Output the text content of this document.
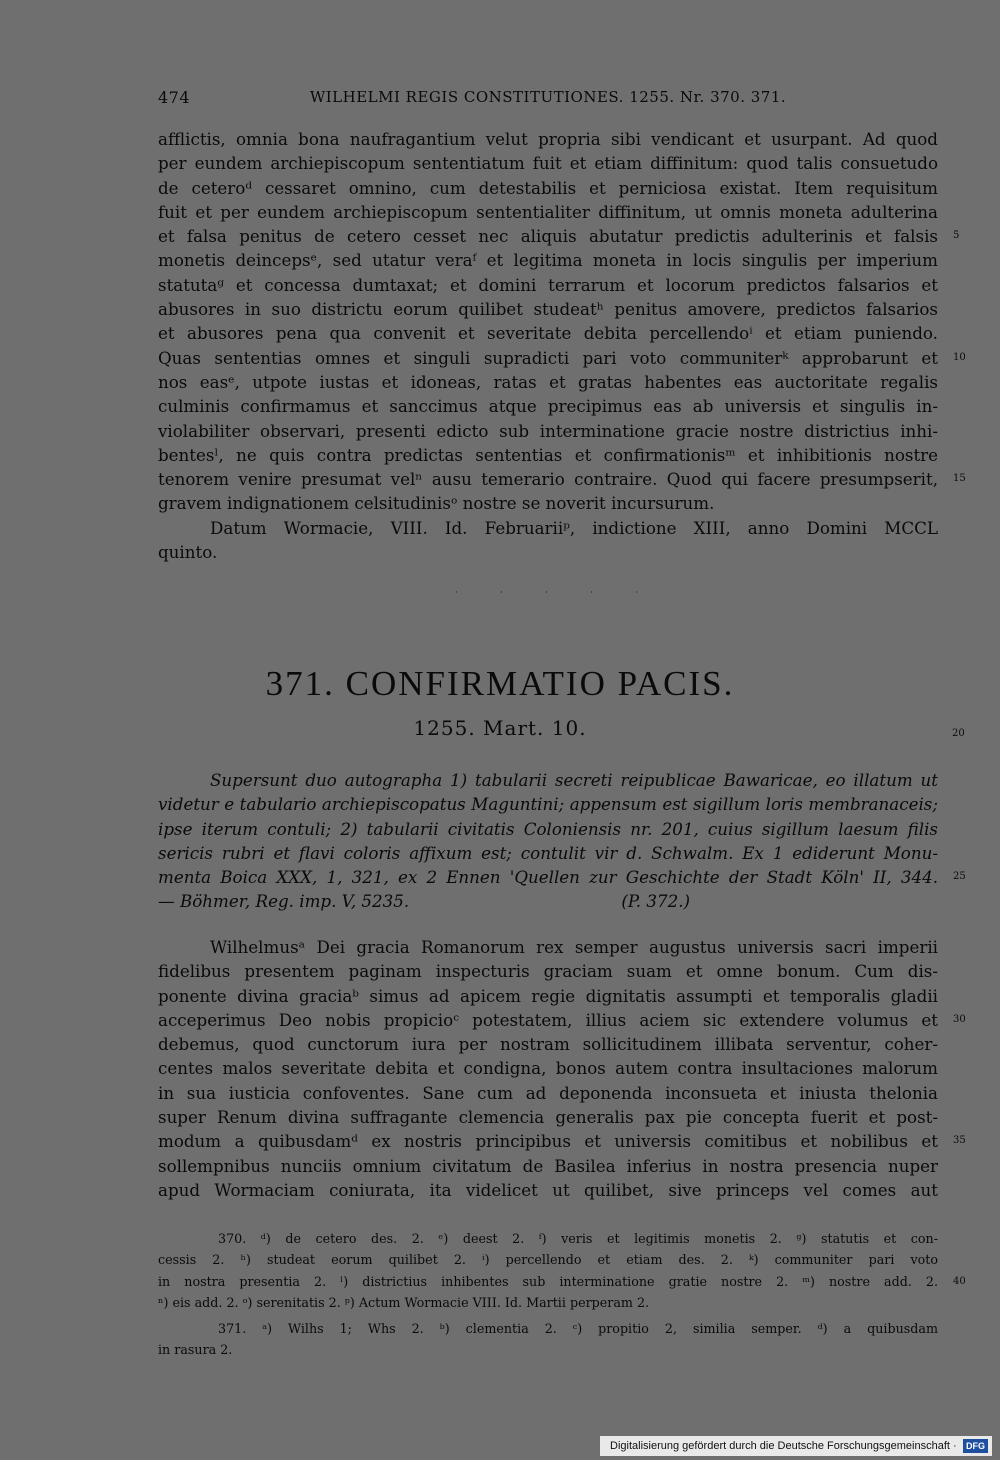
474	WILHELMI REGIS CONSTITUTIONES. 1255. Nr. 370. 371.
afflictis, omnia bona naufragantium velut propria sibi vendicant et usurpant. Ad quod
per eundem archiepiscopum sententiatum fuit et etiam diffinitum: quod talis consuetudo
de ceteroᵈ cessaret omnino, cum detestabilis et perniciosa existat. Item requisitum
fuit et per eundem archiepiscopum sententialiter diffinitum, ut omnis moneta adulterina
et falsa penitus de cetero cesset nec aliquis abutatur predictis adulterinis et falsis 5
monetis deincepsᵉ, sed utatur veraᶠ et legitima moneta in locis singulis per imperium
statutaᵍ et concessa dumtaxat; et domini terrarum et locorum predictos falsarios et
abusores in suo districtu eorum quilibet studeatʰ penitus amovere, predictos falsarios
et abusores pena qua convenit et severitate debita percellendoⁱ et etiam puniendo.
Quas sententias omnes et singuli supradicti pari voto communiterᵏ approbarunt et 10
nos easᵉ, utpote iustas et idoneas, ratas et gratas habentes eas auctoritate regalis
culminis confirmamus et sanccimus atque precipimus eas ab universis et singulis in-
violabiliter observari, presenti edicto sub interminatione gracie nostre districtius inhi-
bentesˡ, ne quis contra predictas sententias et confirmationisᵐ et inhibitionis nostre
tenorem venire presumat velⁿ ausu temerario contraire. Quod qui facere presumpserit, 15
gravem indignationem celsitudinisᵒ nostre se noverit incursurum.
Datum Wormacie, VIII. Id. Februariiᵖ, indictione XIII, anno Domini MCCL
quinto.
· · · · ·
371. CONFIRMATIO PACIS.
1255. Mart. 10.	20
Supersunt duo autographa 1) tabularii secreti reipublicae Bawaricae, eo illatum ut
videtur e tabulario archiepiscopatus Maguntini; appensum est sigillum loris membranaceis;
ipse iterum contuli; 2) tabularii civitatis Coloniensis nr. 201, cuius sigillum laesum filis
sericis rubri et flavi coloris affixum est; contulit vir d. Schwalm. Ex 1 ediderunt Monu-
menta Boica XXX, 1, 321, ex 2 Ennen 'Quellen zur Geschichte der Stadt Köln' II, 344. 25
— Böhmer, Reg. imp. V, 5235.                                        (P. 372.)
Wilhelmusᵃ Dei gracia Romanorum rex semper augustus universis sacri imperii
fidelibus presentem paginam inspecturis graciam suam et omne bonum. Cum dis-
ponente divina graciaᵇ simus ad apicem regie dignitatis assumpti et temporalis gladii
acceperimus Deo nobis propicioᶜ potestatem, illius aciem sic extendere volumus et 30
debemus, quod cunctorum iura per nostram sollicitudinem illibata serventur, coher-
centes malos severitate debita et condigna, bonos autem contra insultaciones malorum
in sua iusticia confoventes. Sane cum ad deponenda inconsueta et iniusta thelonia
super Renum divina suffragante clemencia generalis pax pie concepta fuerit et post-
modum a quibusdamᵈ ex nostris principibus et universis comitibus et nobilibus et 35
sollempnibus nunciis omnium civitatum de Basilea inferius in nostra presencia nuper
apud Wormaciam coniurata, ita videlicet ut quilibet, sive princeps vel comes aut
370. ᵈ) de cetero des. 2. ᵉ) deest 2. ᶠ) veris et legitimis monetis 2. ᵍ) statutis et con-
cessis 2. ʰ) studeat eorum quilibet 2. ⁱ) percellendo et etiam des. 2. ᵏ) communiter pari voto
in nostra presentia 2. ˡ) districtius inhibentes sub interminatione gratie nostre 2. ᵐ) nostre add. 2. 40
ⁿ) eis add. 2. ᵒ) serenitatis 2. ᵖ) Actum Wormacie VIII. Id. Martii perperam 2.
371. ᵃ) Wilhs 1; Whs 2. ᵇ) clementia 2. ᶜ) propitio 2, similia semper. ᵈ) a quibusdam
in rasura 2.
Digitalisierung gefördert durch die Deutsche Forschungsgemeinschaft ·	DFG
